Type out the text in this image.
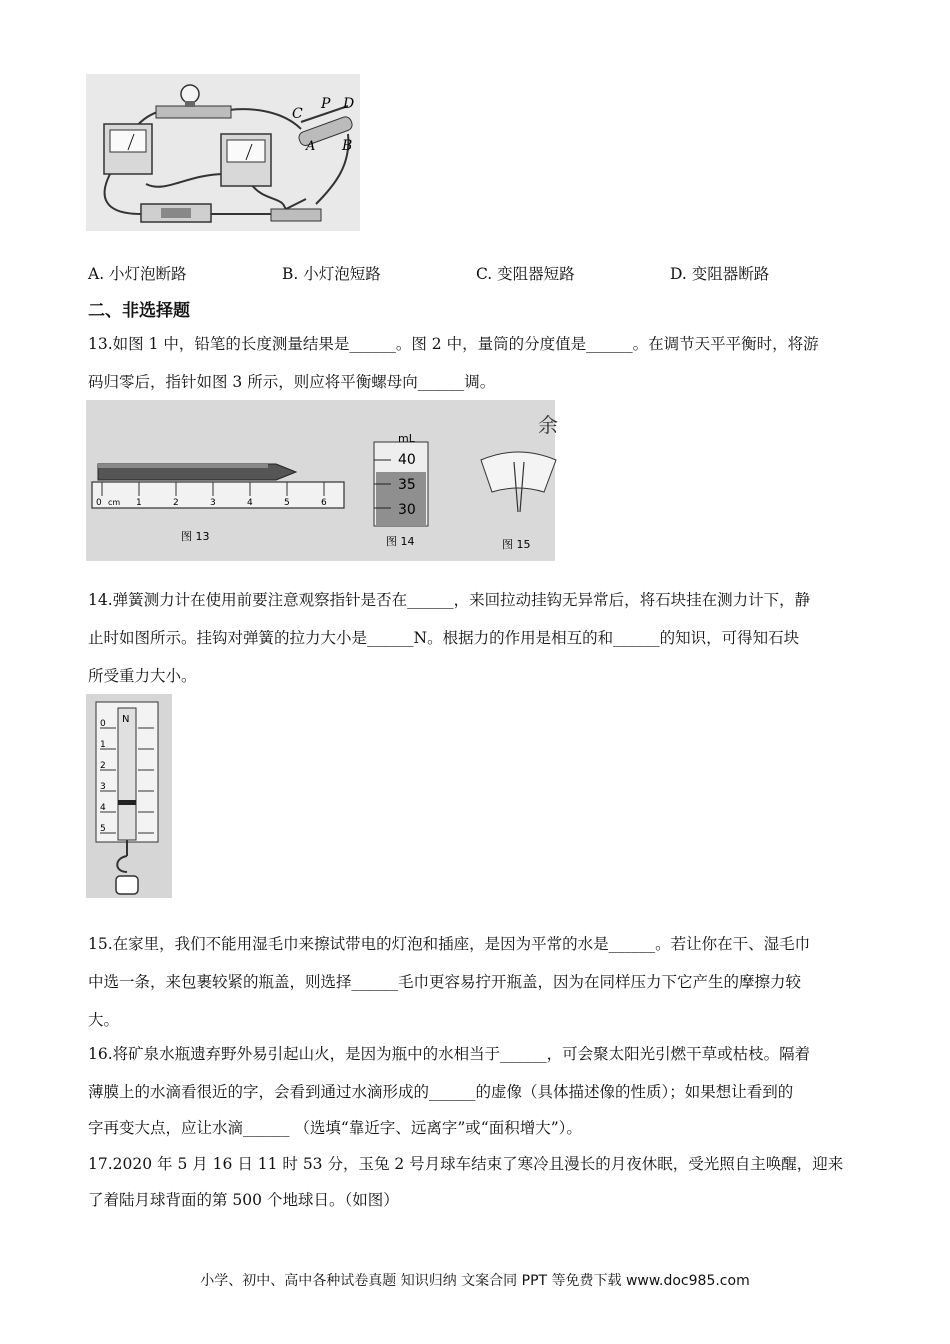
C
P D
A B
A. 小灯泡断路	B. 小灯泡短路	C. 变阻器短路	D. 变阻器断路
二、非选择题
13.如图 1 中，铅笔的长度测量结果是______。图 2 中，量筒的分度值是______。在调节天平平衡时，将游
码归零后，指针如图 3 所示，则应将平衡螺母向______调。
0 cm 1	2	3	4	5	6
图 13
mL
40
35
30
图 14
余
图 15
14.弹簧测力计在使用前要注意观察指针是否在______，来回拉动挂钩无异常后，将石块挂在测力计下，静
止时如图所示。挂钩对弹簧的拉力大小是______N。根据力的作用是相互的和______的知识，可得知石块
所受重力大小。
N
0
1
2
3
4
5
15.在家里，我们不能用湿毛巾来擦试带电的灯泡和插座，是因为平常的水是______。若让你在干、湿毛巾
中选一条，来包裹较紧的瓶盖，则选择______毛巾更容易拧开瓶盖，因为在同样压力下它产生的摩擦力较
大。
16.将矿泉水瓶遗弃野外易引起山火，是因为瓶中的水相当于______，可会聚太阳光引燃干草或枯枝。隔着
薄膜上的水滴看很近的字，会看到通过水滴形成的______的虚像（具体描述像的性质）；如果想让看到的
字再变大点，应让水滴______ （选填“靠近字、远离字”或“面积增大”）。
17.2020 年 5 月 16 日 11 时 53 分，玉兔 2 号月球车结束了寒冷且漫长的月夜休眠，受光照自主唤醒，迎来
了着陆月球背面的第 500 个地球日。（如图）
小学、初中、高中各种试卷真题 知识归纳 文案合同 PPT 等免费下载 www.doc985.com
